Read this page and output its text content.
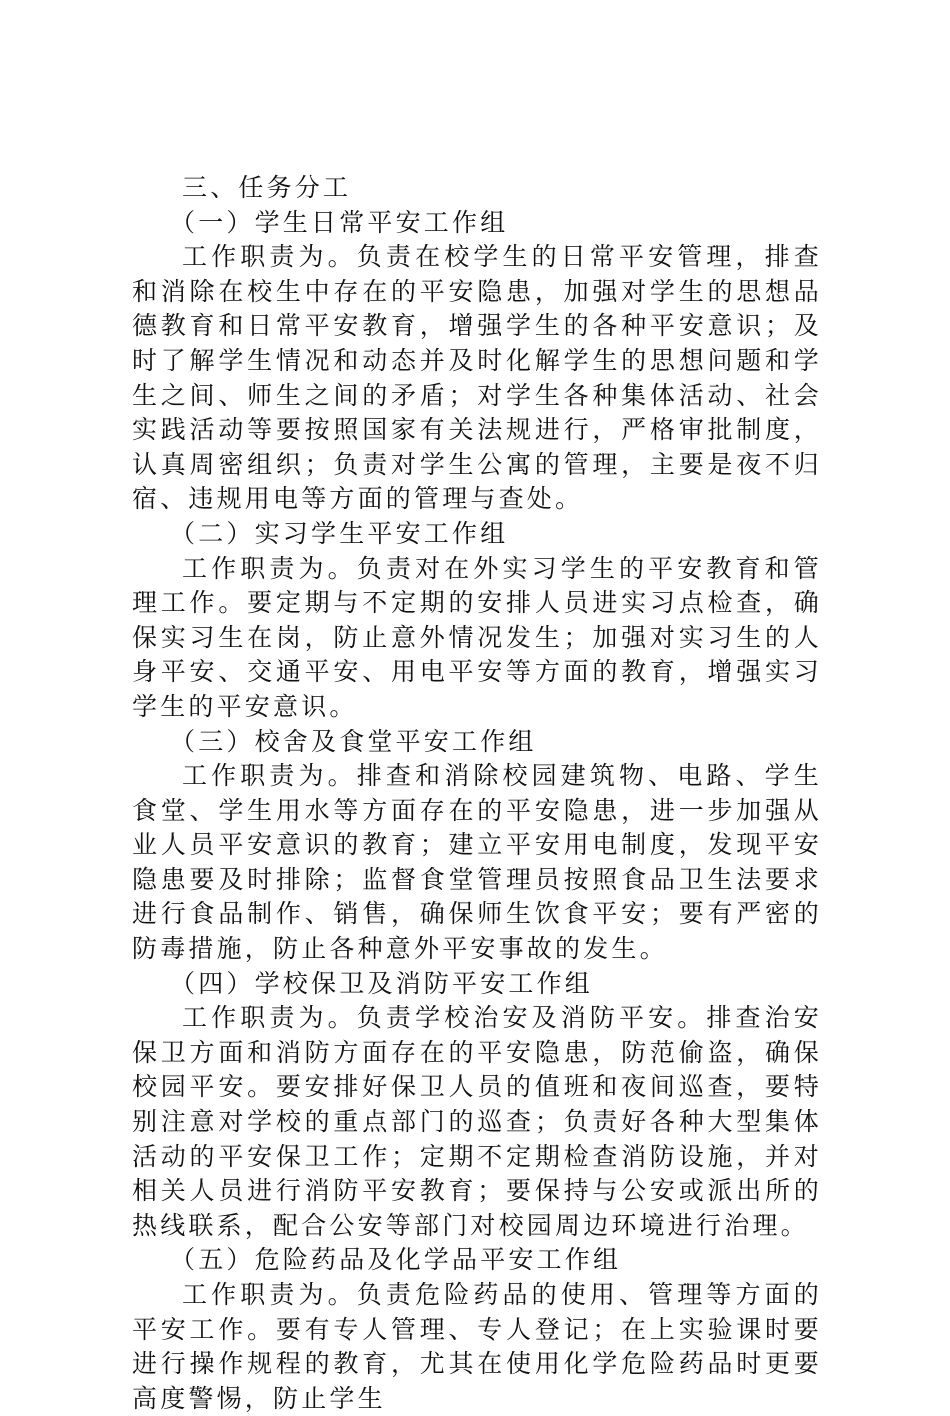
三、任务分工

（一）学生日常平安工作组

工作职责为。负责在校学生的日常平安管理，排查和消除在校生中存在的平安隐患，加强对学生的思想品德教育和日常平安教育，增强学生的各种平安意识；及时了解学生情况和动态并及时化解学生的思想问题和学生之间、师生之间的矛盾；对学生各种集体活动、社会实践活动等要按照国家有关法规进行，严格审批制度，认真周密组织；负责对学生公寓的管理，主要是夜不归宿、违规用电等方面的管理与查处。

（二）实习学生平安工作组

工作职责为。负责对在外实习学生的平安教育和管理工作。要定期与不定期的安排人员进实习点检查，确保实习生在岗，防止意外情况发生；加强对实习生的人身平安、交通平安、用电平安等方面的教育，增强实习学生的平安意识。

（三）校舍及食堂平安工作组

工作职责为。排查和消除校园建筑物、电路、学生食堂、学生用水等方面存在的平安隐患，进一步加强从业人员平安意识的教育；建立平安用电制度，发现平安隐患要及时排除；监督食堂管理员按照食品卫生法要求进行食品制作、销售，确保师生饮食平安；要有严密的防毒措施，防止各种意外平安事故的发生。

（四）学校保卫及消防平安工作组

工作职责为。负责学校治安及消防平安。排查治安保卫方面和消防方面存在的平安隐患，防范偷盗，确保校园平安。要安排好保卫人员的值班和夜间巡查，要特别注意对学校的重点部门的巡查；负责好各种大型集体活动的平安保卫工作；定期不定期检查消防设施，并对相关人员进行消防平安教育；要保持与公安或派出所的热线联系，配合公安等部门对校园周边环境进行治理。

（五）危险药品及化学品平安工作组

工作职责为。负责危险药品的使用、管理等方面的平安工作。要有专人管理、专人登记；在上实验课时要进行操作规程的教育，尤其在使用化学危险药品时更要高度警惕，防止学生
